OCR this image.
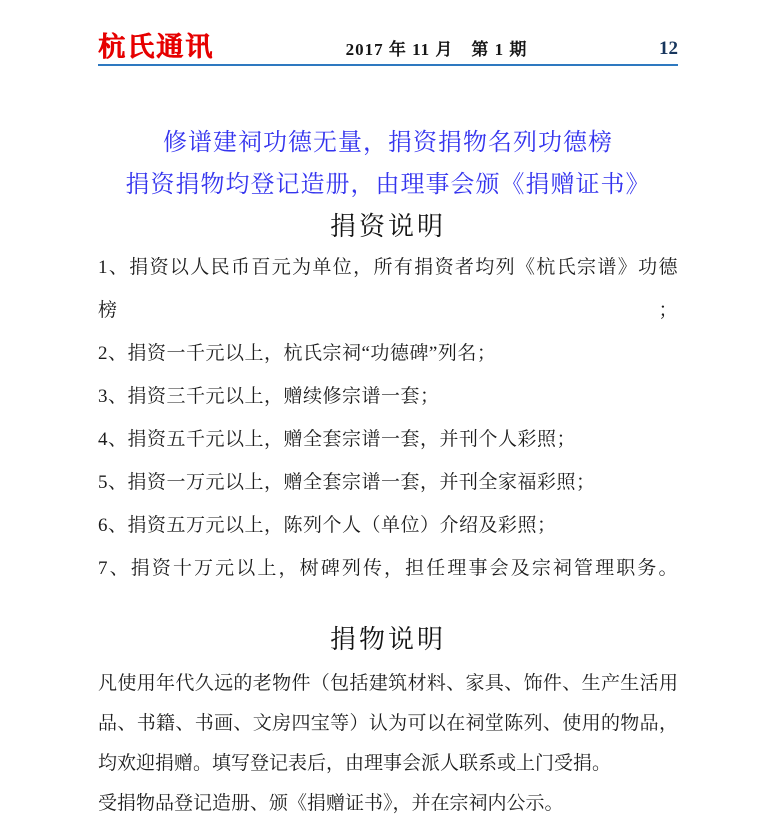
杭氏通讯	2017 年 11 月　第 1 期	12
修谱建祠功德无量，捐资捐物名列功德榜
捐资捐物均登记造册，由理事会颁《捐赠证书》
捐资说明
1、捐资以人民币百元为单位，所有捐资者均列《杭氏宗谱》功德榜；
2、捐资一千元以上，杭氏宗祠“功德碑”列名；
3、捐资三千元以上，赠续修宗谱一套；
4、捐资五千元以上，赠全套宗谱一套，并刊个人彩照；
5、捐资一万元以上，赠全套宗谱一套，并刊全家福彩照；
6、捐资五万元以上，陈列个人（单位）介绍及彩照；
7、捐资十万元以上，树碑列传，担任理事会及宗祠管理职务。
捐物说明
凡使用年代久远的老物件（包括建筑材料、家具、饰件、生产生活用
品、书籍、书画、文房四宝等）认为可以在祠堂陈列、使用的物品，
均欢迎捐赠。填写登记表后，由理事会派人联系或上门受捐。
受捐物品登记造册、颁《捐赠证书》，并在宗祠内公示。
